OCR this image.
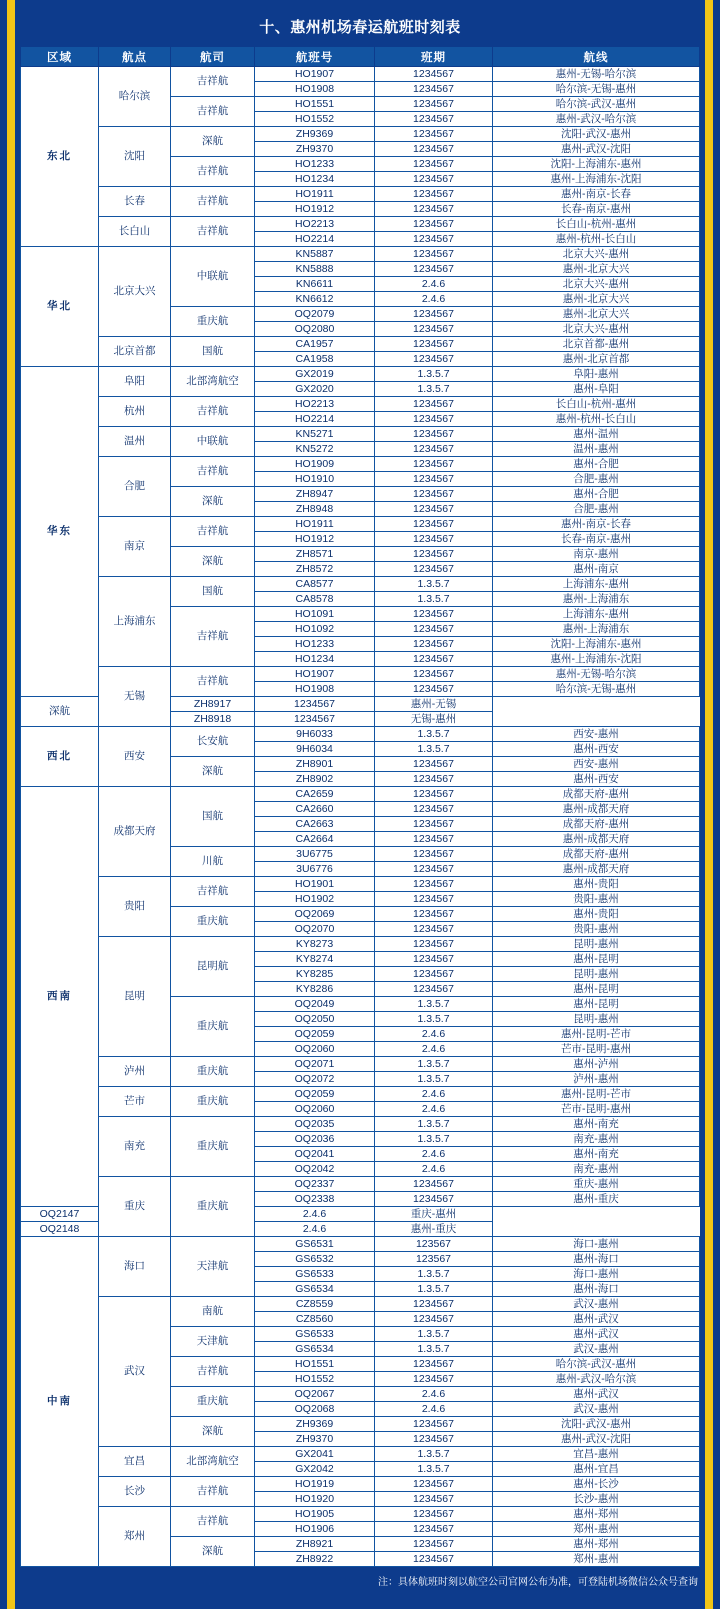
十、惠州机场春运航班时刻表
区域	航点	航司	航班号	班期	航线
东北	哈尔滨	吉祥航	HO1907	1234567	惠州-无锡-哈尔滨
			HO1908	1234567	哈尔滨-无锡-惠州
		吉祥航	HO1551	1234567	哈尔滨-武汉-惠州
			HO1552	1234567	惠州-武汉-哈尔滨
	沈阳	深航	ZH9369	1234567	沈阳-武汉-惠州
			ZH9370	1234567	惠州-武汉-沈阳
		吉祥航	HO1233	1234567	沈阳-上海浦东-惠州
			HO1234	1234567	惠州-上海浦东-沈阳
	长春	吉祥航	HO1911	1234567	惠州-南京-长春
			HO1912	1234567	长春-南京-惠州
	长白山	吉祥航	HO2213	1234567	长白山-杭州-惠州
			HO2214	1234567	惠州-杭州-长白山
华北	北京大兴	中联航	KN5887	1234567	北京大兴-惠州
			KN5888	1234567	惠州-北京大兴
			KN6611	2.4.6	北京大兴-惠州
			KN6612	2.4.6	惠州-北京大兴
		重庆航	OQ2079	1234567	惠州-北京大兴
			OQ2080	1234567	北京大兴-惠州
	北京首都	国航	CA1957	1234567	北京首都-惠州
			CA1958	1234567	惠州-北京首都
华东	阜阳	北部湾航空	GX2019	1.3.5.7	阜阳-惠州
			GX2020	1.3.5.7	惠州-阜阳
	杭州	吉祥航	HO2213	1234567	长白山-杭州-惠州
			HO2214	1234567	惠州-杭州-长白山
	温州	中联航	KN5271	1234567	惠州-温州
			KN5272	1234567	温州-惠州
	合肥	吉祥航	HO1909	1234567	惠州-合肥
			HO1910	1234567	合肥-惠州
		深航	ZH8947	1234567	惠州-合肥
			ZH8948	1234567	合肥-惠州
	南京	吉祥航	HO1911	1234567	惠州-南京-长春
			HO1912	1234567	长春-南京-惠州
		深航	ZH8571	1234567	南京-惠州
			ZH8572	1234567	惠州-南京
	上海浦东	国航	CA8577	1.3.5.7	上海浦东-惠州
			CA8578	1.3.5.7	惠州-上海浦东
		吉祥航	HO1091	1234567	上海浦东-惠州
			HO1092	1234567	惠州-上海浦东
			HO1233	1234567	沈阳-上海浦东-惠州
			HO1234	1234567	惠州-上海浦东-沈阳
	无锡	吉祥航	HO1907	1234567	惠州-无锡-哈尔滨
			HO1908	1234567	哈尔滨-无锡-惠州
深航		ZH8917	1234567	惠州-无锡	
		ZH8918	1234567	无锡-惠州	
西北	西安	长安航	9H6033	1.3.5.7	西安-惠州
			9H6034	1.3.5.7	惠州-西安
		深航	ZH8901	1234567	西安-惠州
			ZH8902	1234567	惠州-西安
西南	成都天府	国航	CA2659	1234567	成都天府-惠州
			CA2660	1234567	惠州-成都天府
			CA2663	1234567	成都天府-惠州
			CA2664	1234567	惠州-成都天府
		川航	3U6775	1234567	成都天府-惠州
			3U6776	1234567	惠州-成都天府
	贵阳	吉祥航	HO1901	1234567	惠州-贵阳
			HO1902	1234567	贵阳-惠州
		重庆航	OQ2069	1234567	惠州-贵阳
			OQ2070	1234567	贵阳-惠州
	昆明	昆明航	KY8273	1234567	昆明-惠州
			KY8274	1234567	惠州-昆明
			KY8285	1234567	昆明-惠州
			KY8286	1234567	惠州-昆明
		重庆航	OQ2049	1.3.5.7	惠州-昆明
			OQ2050	1.3.5.7	昆明-惠州
			OQ2059	2.4.6	惠州-昆明-芒市
			OQ2060	2.4.6	芒市-昆明-惠州
	泸州	重庆航	OQ2071	1.3.5.7	惠州-泸州
			OQ2072	1.3.5.7	泸州-惠州
	芒市	重庆航	OQ2059	2.4.6	惠州-昆明-芒市
			OQ2060	2.4.6	芒市-昆明-惠州
	南充	重庆航	OQ2035	1.3.5.7	惠州-南充
			OQ2036	1.3.5.7	南充-惠州
			OQ2041	2.4.6	惠州-南充
			OQ2042	2.4.6	南充-惠州
	重庆	重庆航	OQ2337	1234567	重庆-惠州
			OQ2338	1234567	惠州-重庆
OQ2147			2.4.6	重庆-惠州	
OQ2148			2.4.6	惠州-重庆	
中南	海口	天津航	GS6531	123567	海口-惠州
			GS6532	123567	惠州-海口
			GS6533	1.3.5.7	海口-惠州
			GS6534	1.3.5.7	惠州-海口
	武汉	南航	CZ8559	1234567	武汉-惠州
			CZ8560	1234567	惠州-武汉
		天津航	GS6533	1.3.5.7	惠州-武汉
			GS6534	1.3.5.7	武汉-惠州
		吉祥航	HO1551	1234567	哈尔滨-武汉-惠州
			HO1552	1234567	惠州-武汉-哈尔滨
		重庆航	OQ2067	2.4.6	惠州-武汉
			OQ2068	2.4.6	武汉-惠州
		深航	ZH9369	1234567	沈阳-武汉-惠州
			ZH9370	1234567	惠州-武汉-沈阳
	宜昌	北部湾航空	GX2041	1.3.5.7	宜昌-惠州
			GX2042	1.3.5.7	惠州-宜昌
	长沙	吉祥航	HO1919	1234567	惠州-长沙
			HO1920	1234567	长沙-惠州
	郑州	吉祥航	HO1905	1234567	惠州-郑州
			HO1906	1234567	郑州-惠州
		深航	ZH8921	1234567	惠州-郑州
			ZH8922	1234567	郑州-惠州
注：具体航班时刻以航空公司官网公布为准，可登陆机场微信公众号查询
